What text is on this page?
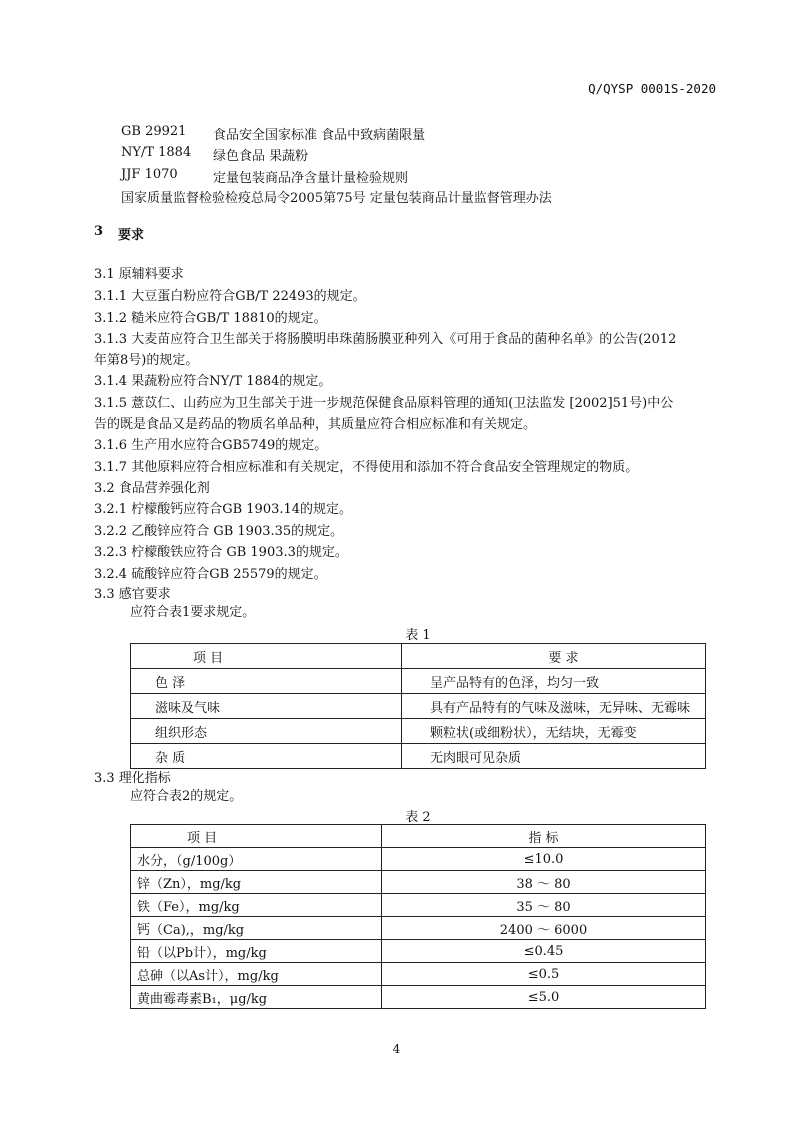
Q/QYSP 0001S-2020
GB 29921	食品安全国家标准 食品中致病菌限量
NY/T 1884	绿色食品 果蔬粉
JJF 1070	定量包装商品净含量计量检验规则
国家质量监督检验检疫总局令2005第75号 定量包装商品计量监督管理办法
3 要求
3.1 原辅料要求
3.1.1 大豆蛋白粉应符合GB/T 22493的规定。
3.1.2 糙米应符合GB/T 18810的规定。
3.1.3 大麦苗应符合卫生部关于将肠膜明串珠菌肠膜亚种列入《可用于食品的菌种名单》的公告(2012
年第8号)的规定。
3.1.4 果蔬粉应符合NY/T 1884的规定。
3.1.5 薏苡仁、山药应为卫生部关于进一步规范保健食品原料管理的通知(卫法监发 [2002]51号)中公
告的既是食品又是药品的物质名单品种，其质量应符合相应标准和有关规定。
3.1.6 生产用水应符合GB5749的规定。
3.1.7 其他原料应符合相应标准和有关规定，不得使用和添加不符合食品安全管理规定的物质。
3.2 食品营养强化剂
3.2.1 柠檬酸钙应符合GB 1903.14的规定。
3.2.2 乙酸锌应符合 GB 1903.35的规定。
3.2.3 柠檬酸铁应符合 GB 1903.3的规定。
3.2.4 硫酸锌应符合GB 25579的规定。
3.3 感官要求
应符合表1要求规定。
表 1
项 目	要 求
色 泽	呈产品特有的色泽，均匀一致
滋味及气味	具有产品特有的气味及滋味，无异味、无霉味
组织形态	颗粒状(或细粉状），无结块，无霉变
杂 质	无肉眼可见杂质
3.3 理化指标
应符合表2的规定。
表 2
项 目	指 标
水分，（g/100g）	≤10.0
锌（Zn），mg/kg	38 ～ 80
铁（Fe），mg/kg	35 ～ 80
钙（Ca),，mg/kg	2400 ～ 6000
铅（以Pb计），mg/kg	≤0.45
总砷（以As计），mg/kg	≤0.5
黄曲霉毒素B₁，μg/kg	≤5.0
4
